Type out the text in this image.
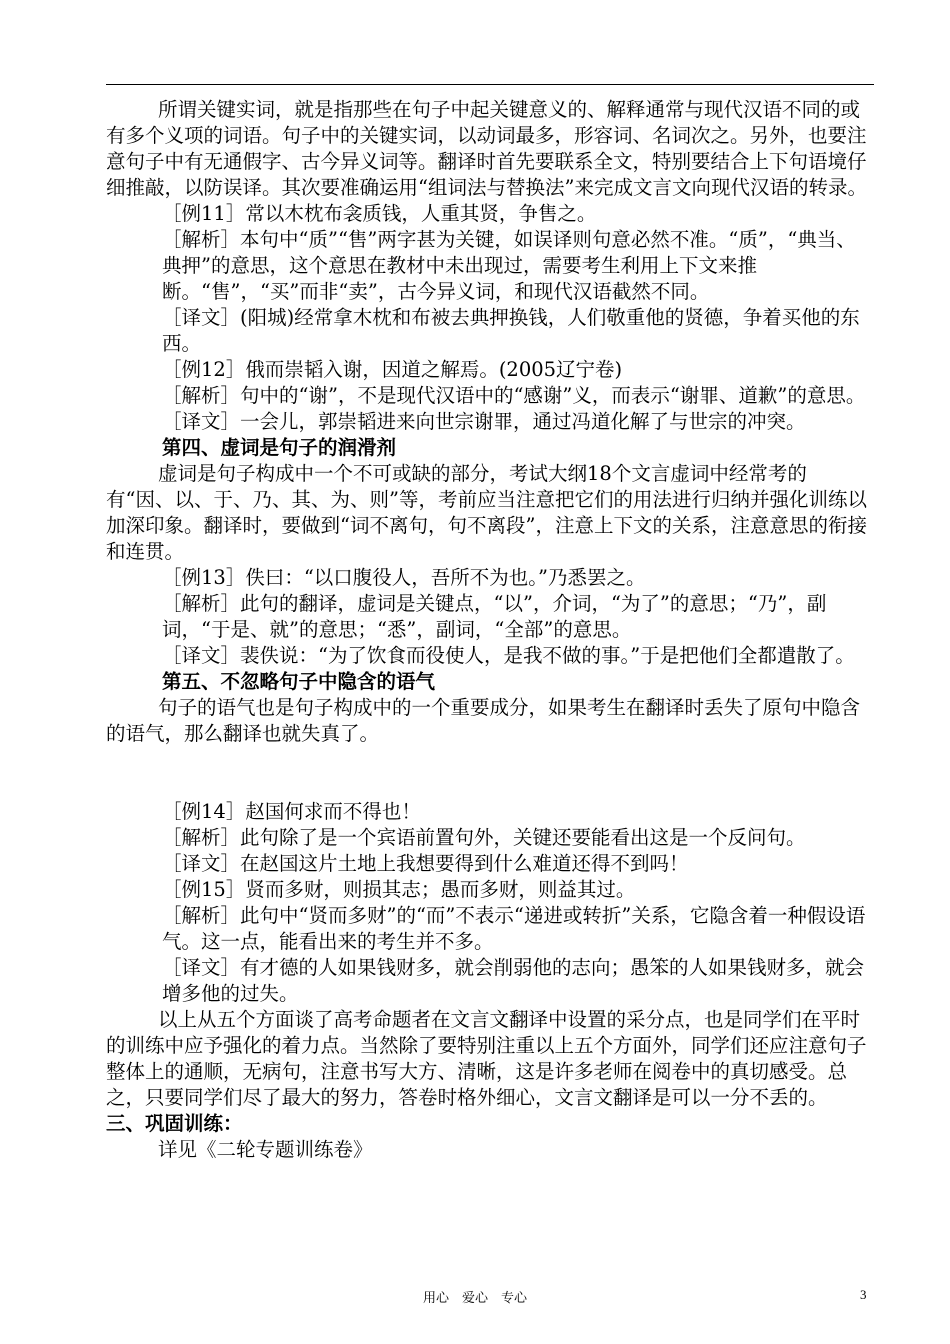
所谓关键实词，就是指那些在句子中起关键意义的、解释通常与现代汉语不同的或有多个义项的词语。句子中的关键实词，以动词最多，形容词、名词次之。另外，也要注意句子中有无通假字、古今异义词等。翻译时首先要联系全文，特别要结合上下句语境仔细推敲，以防误译。其次要准确运用“组词法与替换法”来完成文言文向现代汉语的转录。

［例11］常以木枕布衾质钱，人重其贤，争售之。

［解析］本句中“质”“售”两字甚为关键，如误译则句意必然不准。“质”，“典当、典押”的意思，这个意思在教材中未出现过，需要考生利用上下文来推断。“售”，“买”而非“卖”，古今异义词，和现代汉语截然不同。

［译文］(阳城)经常拿木枕和布被去典押换钱，人们敬重他的贤德，争着买他的东西。

［例12］俄而崇韬入谢，因道之解焉。(2005辽宁卷)

［解析］句中的“谢”，不是现代汉语中的“感谢”义，而表示“谢罪、道歉”的意思。

［译文］一会儿，郭崇韬进来向世宗谢罪，通过冯道化解了与世宗的冲突。

第四、虚词是句子的润滑剂

虚词是句子构成中一个不可或缺的部分，考试大纲18个文言虚词中经常考的有“因、以、于、乃、其、为、则”等，考前应当注意把它们的用法进行归纳并强化训练以加深印象。翻译时，要做到“词不离句，句不离段”，注意上下文的关系，注意意思的衔接和连贯。

［例13］佚曰：“以口腹役人，吾所不为也。”乃悉罢之。

［解析］此句的翻译，虚词是关键点，“以”，介词，“为了”的意思；“乃”，副词，“于是、就”的意思；“悉”，副词，“全部”的意思。

［译文］裴佚说：“为了饮食而役使人，是我不做的事。”于是把他们全都遣散了。

第五、不忽略句子中隐含的语气

句子的语气也是句子构成中的一个重要成分，如果考生在翻译时丢失了原句中隐含的语气，那么翻译也就失真了。

［例14］赵国何求而不得也！

［解析］此句除了是一个宾语前置句外，关键还要能看出这是一个反问句。

［译文］在赵国这片土地上我想要得到什么难道还得不到吗！

［例15］贤而多财，则损其志；愚而多财，则益其过。

［解析］此句中“贤而多财”的“而”不表示“递进或转折”关系，它隐含着一种假设语气。这一点，能看出来的考生并不多。

［译文］有才德的人如果钱财多，就会削弱他的志向；愚笨的人如果钱财多，就会增多他的过失。

以上从五个方面谈了高考命题者在文言文翻译中设置的采分点，也是同学们在平时的训练中应予强化的着力点。当然除了要特别注重以上五个方面外，同学们还应注意句子整体上的通顺，无病句，注意书写大方、清晰，这是许多老师在阅卷中的真切感受。总之，只要同学们尽了最大的努力，答卷时格外细心，文言文翻译是可以一分不丢的。

三、巩固训练：

详见《二轮专题训练卷》

用心　爱心　专心	3
